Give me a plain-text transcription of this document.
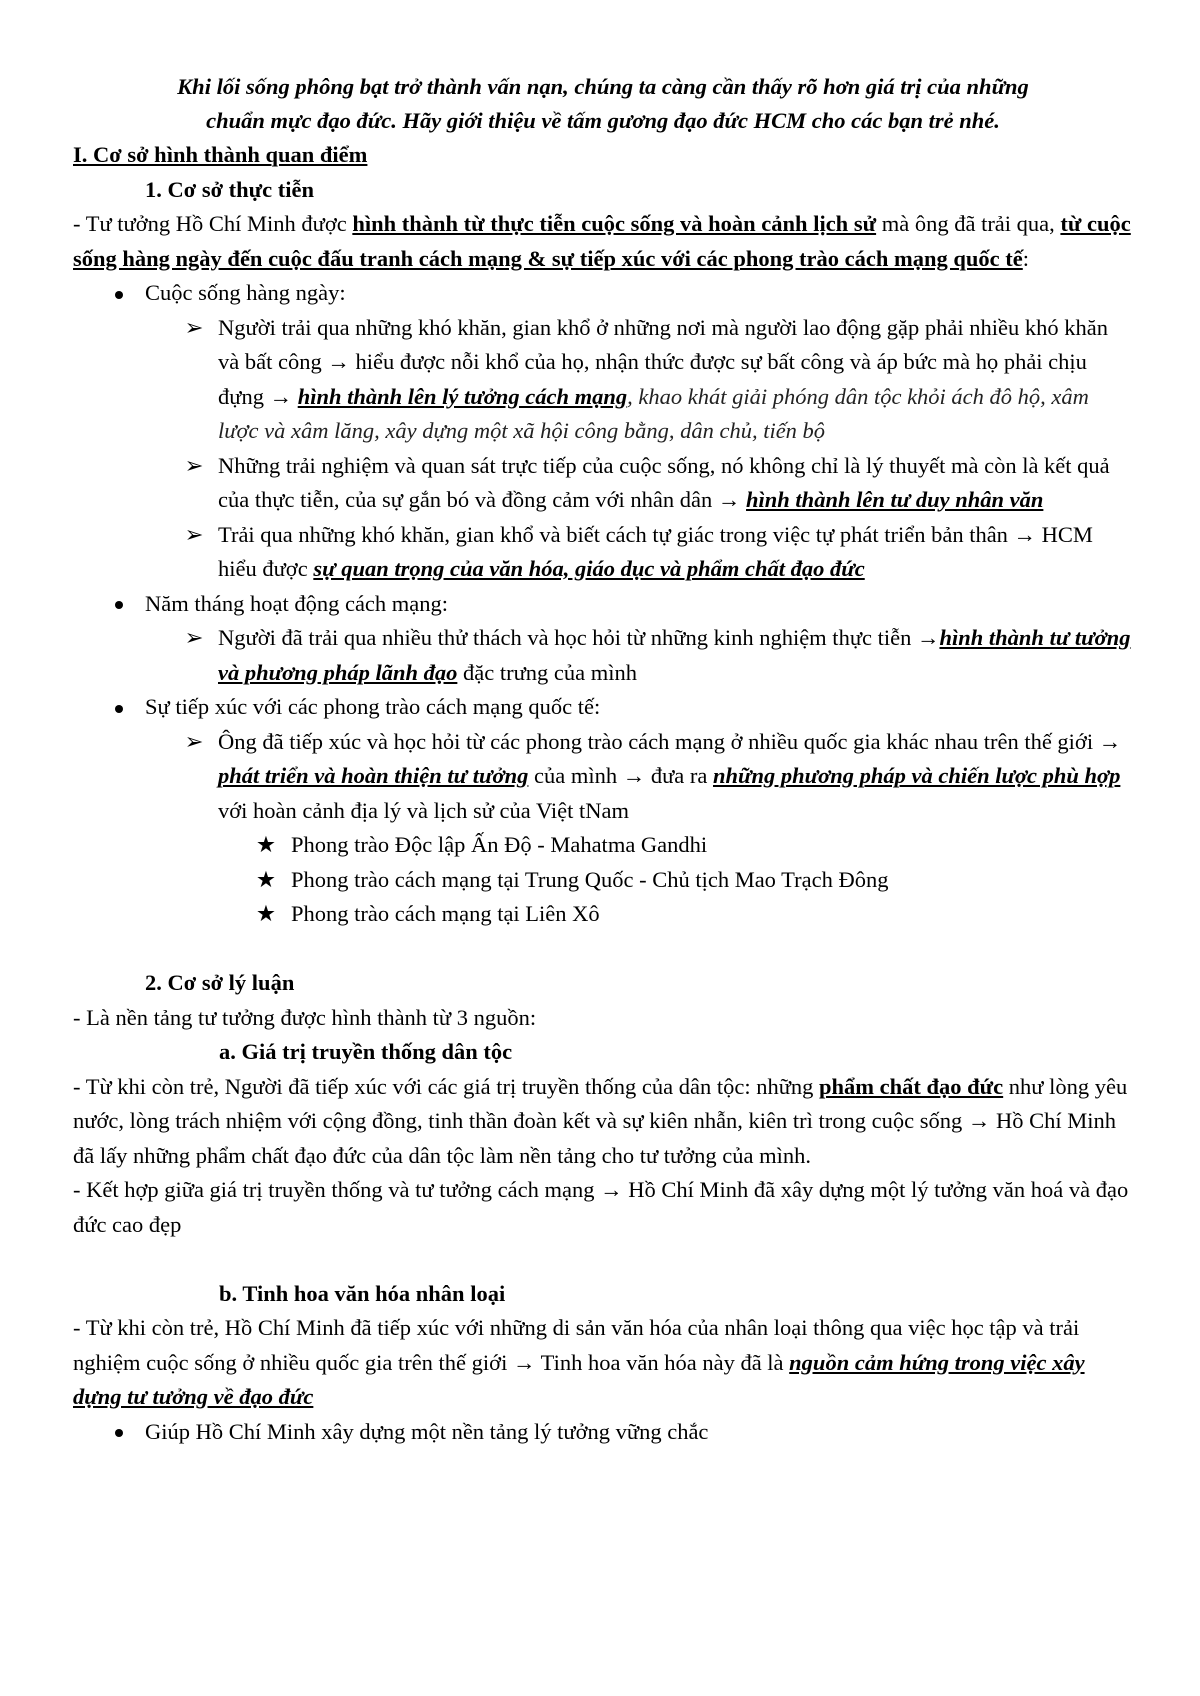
Khi lối sống phông bạt trở thành vấn nạn, chúng ta càng cần thấy rõ hơn giá trị của những
chuẩn mực đạo đức. Hãy giới thiệu về tấm gương đạo đức HCM cho các bạn trẻ nhé.

I. Cơ sở hình thành quan điểm

1. Cơ sở thực tiễn

- Tư tưởng Hồ Chí Minh được hình thành từ thực tiễn cuộc sống và hoàn cảnh lịch sử mà ông đã trải qua, từ cuộc sống hàng ngày đến cuộc đấu tranh cách mạng & sự tiếp xúc với các phong trào cách mạng quốc tế:

Cuộc sống hàng ngày:
➢ Người trải qua những khó khăn, gian khổ ở những nơi mà người lao động gặp phải nhiều khó khăn và bất công → hiểu được nỗi khổ của họ, nhận thức được sự bất công và áp bức mà họ phải chịu đựng → hình thành lên lý tưởng cách mạng, khao khát giải phóng dân tộc khỏi ách đô hộ, xâm lược và xâm lăng, xây dựng một xã hội công bằng, dân chủ, tiến bộ
➢ Những trải nghiệm và quan sát trực tiếp của cuộc sống, nó không chỉ là lý thuyết mà còn là kết quả của thực tiễn, của sự gắn bó và đồng cảm với nhân dân → hình thành lên tư duy nhân văn
➢ Trải qua những khó khăn, gian khổ và biết cách tự giác trong việc tự phát triển bản thân → HCM hiểu được sự quan trọng của văn hóa, giáo dục và phẩm chất đạo đức
Năm tháng hoạt động cách mạng:
➢ Người đã trải qua nhiều thử thách và học hỏi từ những kinh nghiệm thực tiễn →hình thành tư tưởng và phương pháp lãnh đạo đặc trưng của mình
Sự tiếp xúc với các phong trào cách mạng quốc tế:
➢ Ông đã tiếp xúc và học hỏi từ các phong trào cách mạng ở nhiều quốc gia khác nhau trên thế giới → phát triển và hoàn thiện tư tưởng của mình → đưa ra những phương pháp và chiến lược phù hợp với hoàn cảnh địa lý và lịch sử của Việt tNam
★ Phong trào Độc lập Ấn Độ - Mahatma Gandhi
★ Phong trào cách mạng tại Trung Quốc - Chủ tịch Mao Trạch Đông
★ Phong trào cách mạng tại Liên Xô

2. Cơ sở lý luận

- Là nền tảng tư tưởng được hình thành từ 3 nguồn:

a. Giá trị truyền thống dân tộc

- Từ khi còn trẻ, Người đã tiếp xúc với các giá trị truyền thống của dân tộc: những phẩm chất đạo đức như lòng yêu nước, lòng trách nhiệm với cộng đồng, tinh thần đoàn kết và sự kiên nhẫn, kiên trì trong cuộc sống → Hồ Chí Minh đã lấy những phẩm chất đạo đức của dân tộc làm nền tảng cho tư tưởng của mình.

- Kết hợp giữa giá trị truyền thống và tư tưởng cách mạng → Hồ Chí Minh đã xây dựng một lý tưởng văn hoá và đạo đức cao đẹp

b. Tinh hoa văn hóa nhân loại

- Từ khi còn trẻ, Hồ Chí Minh đã tiếp xúc với những di sản văn hóa của nhân loại thông qua việc học tập và trải nghiệm cuộc sống ở nhiều quốc gia trên thế giới → Tinh hoa văn hóa này đã là nguồn cảm hứng trong việc xây dựng tư tưởng về đạo đức

Giúp Hồ Chí Minh xây dựng một nền tảng lý tưởng vững chắc
